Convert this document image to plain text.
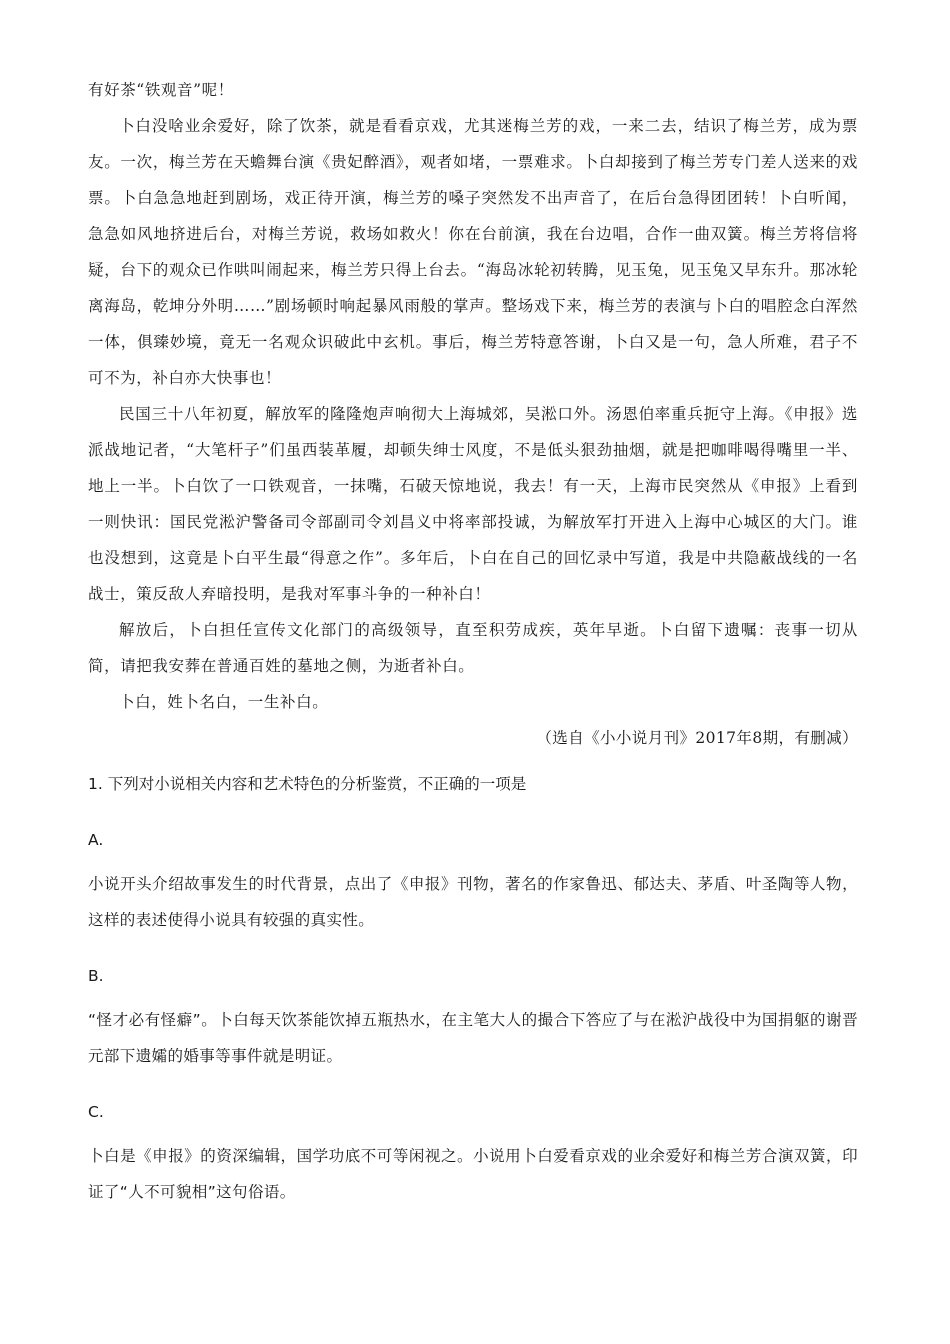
有好茶“铁观音”呢！

卜白没啥业余爱好，除了饮茶，就是看看京戏，尤其迷梅兰芳的戏，一来二去，结识了梅兰芳，成为票友。一次，梅兰芳在天蟾舞台演《贵妃醉酒》，观者如堵，一票难求。卜白却接到了梅兰芳专门差人送来的戏票。卜白急急地赶到剧场，戏正待开演，梅兰芳的嗓子突然发不出声音了，在后台急得团团转！卜白听闻，急急如风地挤进后台，对梅兰芳说，救场如救火！你在台前演，我在台边唱，合作一曲双簧。梅兰芳将信将疑，台下的观众已作哄叫闹起来，梅兰芳只得上台去。“海岛冰轮初转腾，见玉兔，见玉兔又早东升。那冰轮离海岛，乾坤分外明……”剧场顿时响起暴风雨般的掌声。整场戏下来，梅兰芳的表演与卜白的唱腔念白浑然一体，俱臻妙境，竟无一名观众识破此中玄机。事后，梅兰芳特意答谢，卜白又是一句，急人所难，君子不可不为，补白亦大快事也！

民国三十八年初夏，解放军的隆隆炮声响彻大上海城郊，吴淞口外。汤恩伯率重兵扼守上海。《申报》选派战地记者，“大笔杆子”们虽西装革履，却顿失绅士风度，不是低头狠劲抽烟，就是把咖啡喝得嘴里一半、地上一半。卜白饮了一口铁观音，一抹嘴，石破天惊地说，我去！有一天，上海市民突然从《申报》上看到一则快讯：国民党淞沪警备司令部副司令刘昌义中将率部投诚，为解放军打开进入上海中心城区的大门。谁也没想到，这竟是卜白平生最“得意之作”。多年后，卜白在自己的回忆录中写道，我是中共隐蔽战线的一名战士，策反敌人弃暗投明，是我对军事斗争的一种补白！

解放后，卜白担任宣传文化部门的高级领导，直至积劳成疾，英年早逝。卜白留下遗嘱：丧事一切从简，请把我安葬在普通百姓的墓地之侧，为逝者补白。

卜白，姓卜名白，一生补白。

（选自《小小说月刊》2017年8期，有删减）

1. 下列对小说相关内容和艺术特色的分析鉴赏，不正确的一项是

A.

小说开头介绍故事发生的时代背景，点出了《申报》刊物，著名的作家鲁迅、郁达夫、茅盾、叶圣陶等人物，这样的表述使得小说具有较强的真实性。

B.

“怪才必有怪癖”。卜白每天饮茶能饮掉五瓶热水，在主笔大人的撮合下答应了与在淞沪战役中为国捐躯的谢晋元部下遗孀的婚事等事件就是明证。

C.

卜白是《申报》的资深编辑，国学功底不可等闲视之。小说用卜白爱看京戏的业余爱好和梅兰芳合演双簧，印证了“人不可貌相”这句俗语。
